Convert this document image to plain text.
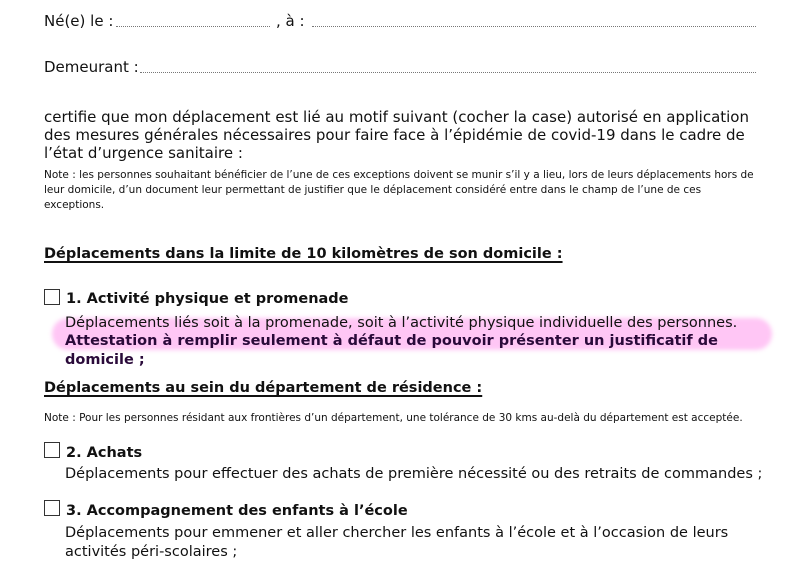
Né(e) le :	, à :
Demeurant :
certifie que mon déplacement est lié au motif suivant (cocher la case) autorisé en application des mesures générales nécessaires pour faire face à l’épidémie de covid-19 dans le cadre de l’état d’urgence sanitaire :
Note : les personnes souhaitant bénéficier de l’une de ces exceptions doivent se munir s’il y a lieu, lors de leurs déplacements hors de leur domicile, d’un document leur permettant de justifier que le déplacement considéré entre dans le champ de l’une de ces exceptions.
Déplacements dans la limite de 10 kilomètres de son domicile :
1. Activité physique et promenade
Déplacements liés soit à la promenade, soit à l’activité physique individuelle des personnes.
Attestation à remplir seulement à défaut de pouvoir présenter un justificatif de domicile ;
Déplacements au sein du département de résidence :
Note : Pour les personnes résidant aux frontières d’un département, une tolérance de 30 kms au-delà du département est acceptée.
2. Achats
Déplacements pour effectuer des achats de première nécessité ou des retraits de commandes ;
3. Accompagnement des enfants à l’école
Déplacements pour emmener et aller chercher les enfants à l’école et à l’occasion de leurs activités péri-scolaires ;
